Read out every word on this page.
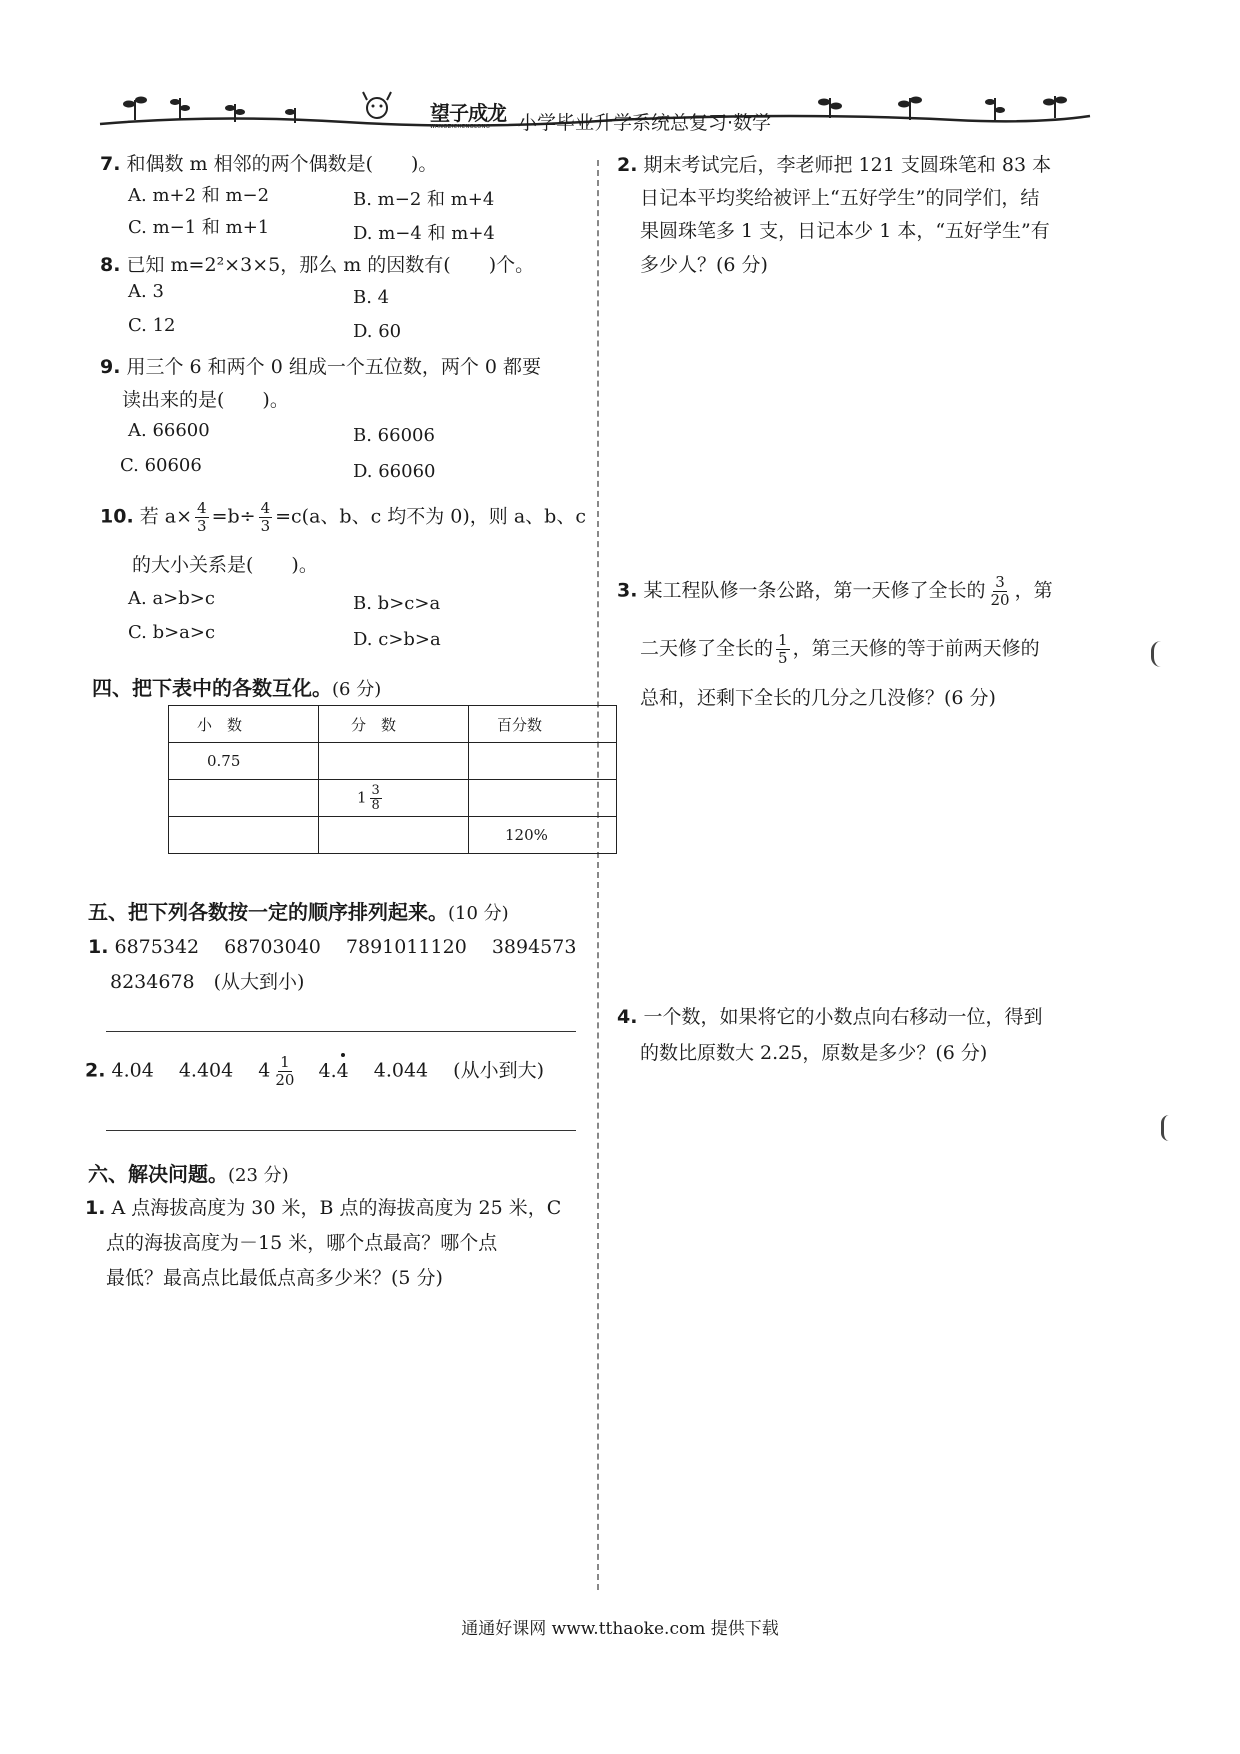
望子成龙
WANGZICHENGLONG	小学毕业升学系统总复习·数学
7. 和偶数 m 相邻的两个偶数是(　　)。
A. m+2 和 m−2	B. m−2 和 m+4
C. m−1 和 m+1	D. m−4 和 m+4
8. 已知 m=2²×3×5，那么 m 的因数有(　　)个。
A. 3	B. 4
C. 12	D. 60
9. 用三个 6 和两个 0 组成一个五位数，两个 0 都要
读出来的是(　　)。
A. 66600	B. 66006
C. 60606	D. 66060
10. 若 $a\times \frac{4}{3} =b\div \frac{4}{3} =c(a$、b、c 均不为 0)，则 a、b、c
的大小关系是(　　)。
A. a>b>c	B. b>c>a
C. b>a>c	D. c>b>a
四、把下表中的各数互化。(6 分)
小　数	分　数	百分数
0.75		
	$1 \frac{3}{8}$

		120%
五、把下列各数按一定的顺序排列起来。(10 分)
1. 6875342　 68703040　 7891011120　 3894573
8234678　(从大到小)
2. 4.04　 4.404　 $4 \frac{1}{20}$
　 4.4　 4.044　 (从小到大)
六、解决问题。(23 分)
1. A 点海拔高度为 30 米，B 点的海拔高度为 25 米，C
点的海拔高度为－15 米，哪个点最高？哪个点
最低？最高点比最低点高多少米？(5 分)
2. 期末考试完后，李老师把 121 支圆珠笔和 83 本
日记本平均奖给被评上“五好学生”的同学们，结
果圆珠笔多 1 支，日记本少 1 本，“五好学生”有
多少人？(6 分)
3. 某工程队修一条公路，第一天修了全长的 $\frac{3}{20}$ ，第
二天修了全长的 $\frac{1}{5}$ ，第三天修的等于前两天修的
总和，还剩下全长的几分之几没修？(6 分)
4. 一个数，如果将它的小数点向右移动一位，得到
的数比原数大 2.25，原数是多少？(6 分)
通通好课网 www.tthaoke.com 提供下载
